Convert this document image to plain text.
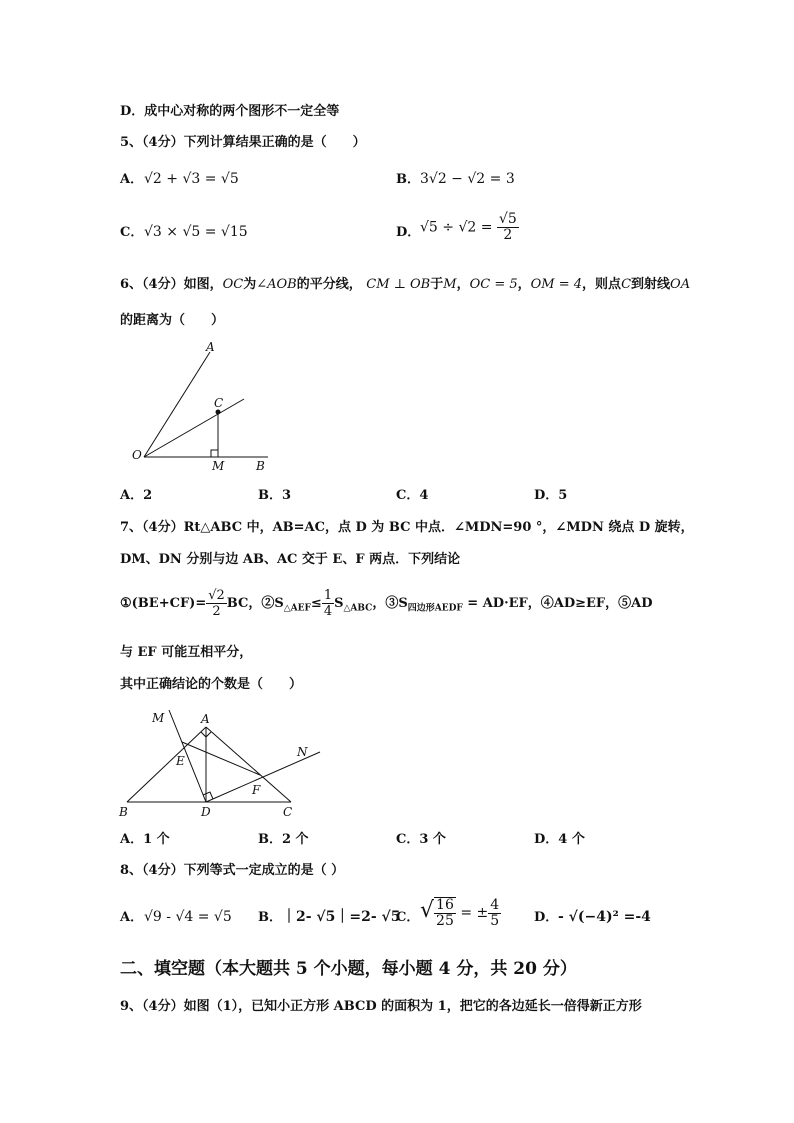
D．成中心对称的两个图形不一定全等
5、（4分）下列计算结果正确的是（　　）
A． √2 + √3 = √5	B． 3√2 − √2 = 3
C． √3 × √5 = √15	D． $√5 \div √2 = \frac{√5}{2}$
6、（4分）如图，OC为∠AOB的平分线， CM ⊥ OB于M，OC = 5，OM = 4，则点C到射线OA
的距离为（　　）
A
C
O
M	B
A．2	B．3	C．4	D．5
7、（4分）Rt△ABC 中，AB=AC，点 D 为 BC 中点．∠MDN=90 °，∠MDN 绕点 D 旋转，
DM、DN 分别与边 AB、AC 交于 E、F 两点．下列结论
①(BE+CF)= $\frac{√2}{2}$ BC，$②S_{\triangle AEF}\le \frac{1}{4} S_{\triangle ABC}$，$③S_{四边形AEDF} = AD\cdot EF$，④AD≥EF，⑤AD
与 EF 可能互相平分，
其中正确结论的个数是（　　）
M	A
N
E
F
B	D	C
A．1 个	B．2 个	C．3 个	D．4 个
8、（4分）下列等式一定成立的是（ ）
A． √9 - √4 = √5 B． ｜2- √5｜=2- √5
C． √ $\frac{16}{25}$ = ± $\frac{4}{5}$	D． - √(−4)² =-4
二、填空题（本大题共 5 个小题，每小题 4 分，共 20 分）
9、（4分）如图（1），已知小正方形 ABCD 的面积为 1，把它的各边延长一倍得新正方形
